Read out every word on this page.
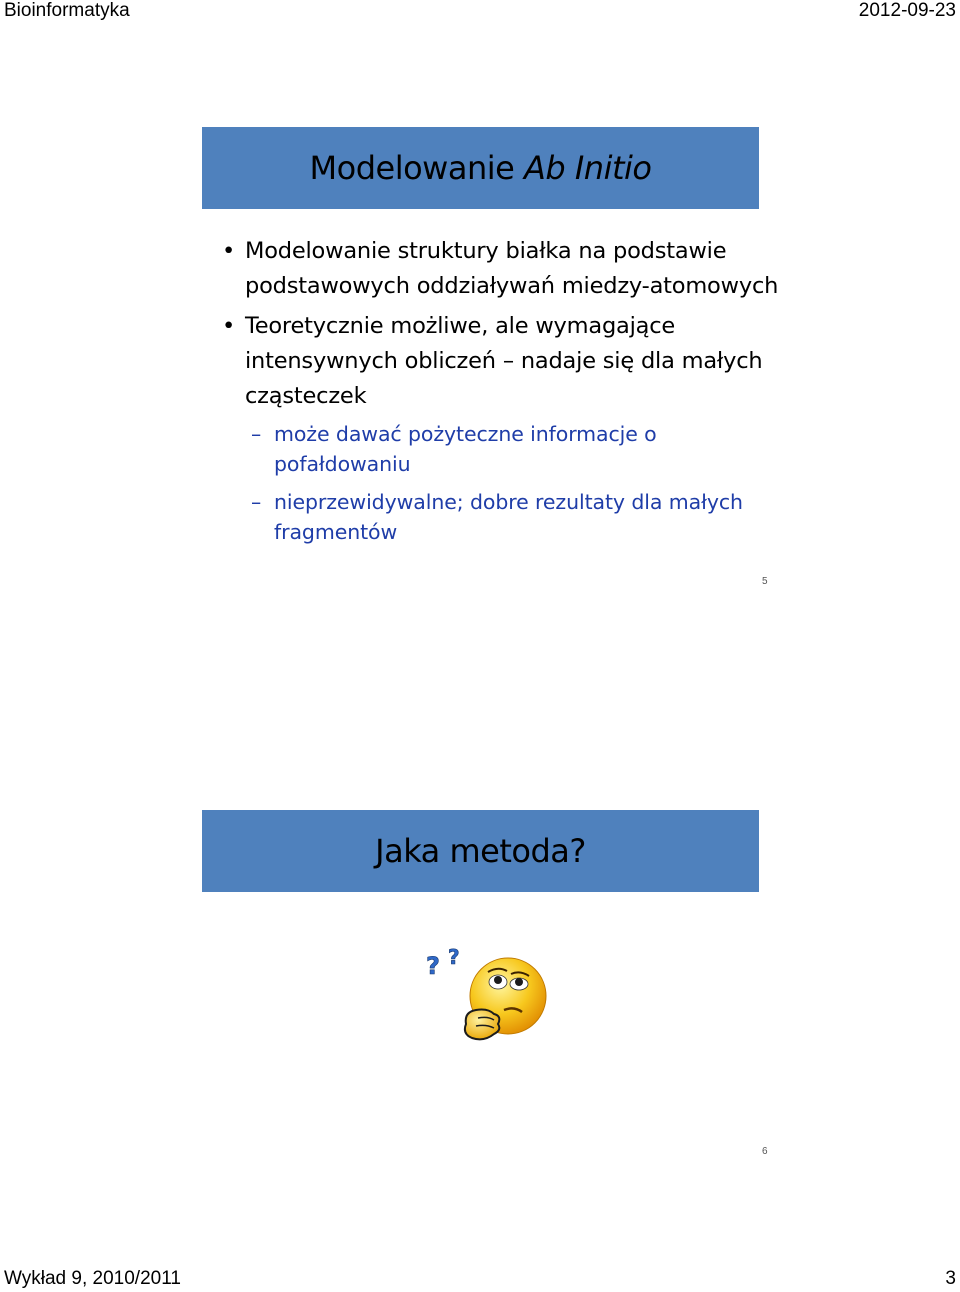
Bioinformatyka	2012-09-23
Modelowanie Ab Initio
• Modelowanie struktury białka na podstawie podstawowych oddziaływań miedzy-atomowych
• Teoretycznie możliwe, ale wymagające intensywnych obliczeń – nadaje się dla małych cząsteczek
– może dawać pożyteczne informacje o pofałdowaniu
– nieprzewidywalne; dobre rezultaty dla małych fragmentów
5
Jaka metoda?
? ?
6
Wykład 9, 2010/2011	3
